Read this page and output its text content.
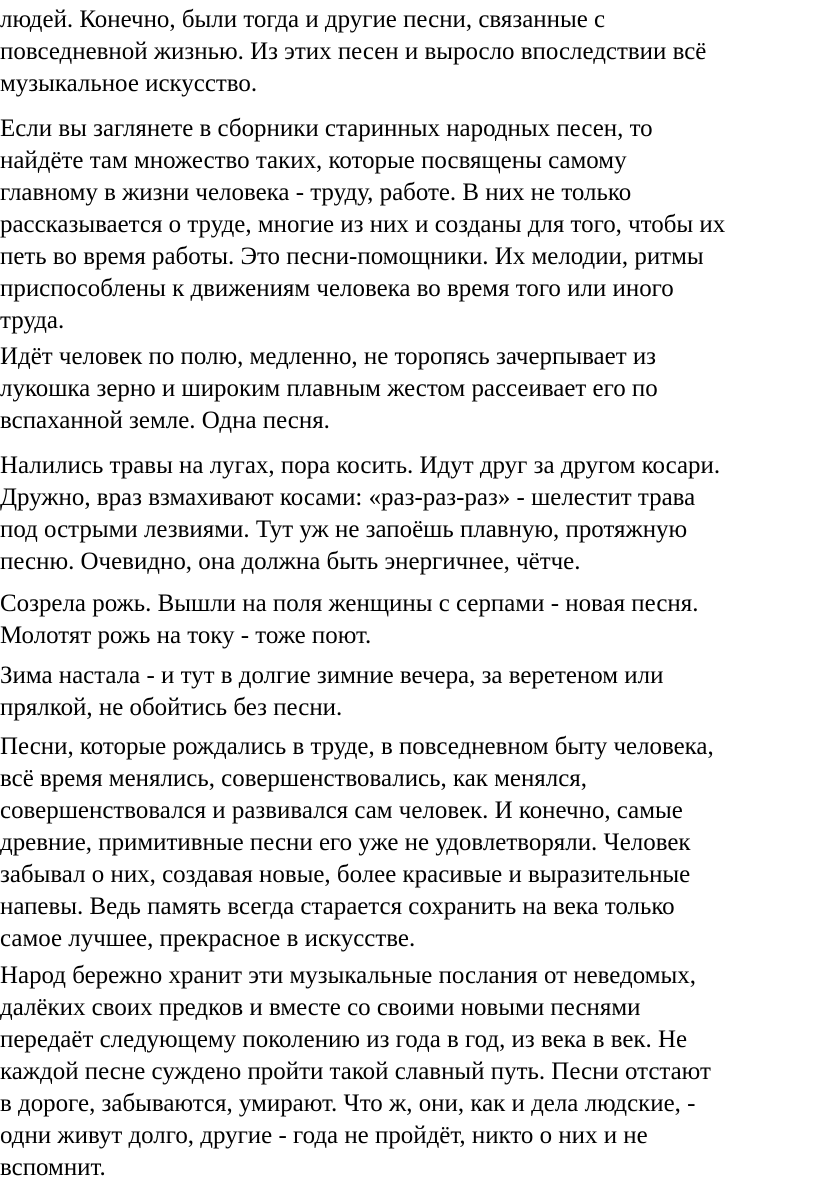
людей. Конечно, были тогда и другие песни, связанные с
повседневной жизнью. Из этих песен и выросло впоследствии всё
музыкальное искусство.
Если вы заглянете в сборники старинных народных песен, то
найдёте там множество таких, которые посвящены самому
главному в жизни человека - труду, работе. В них не только
рассказывается о труде, многие из них и созданы для того, чтобы их
петь во время работы. Это песни-помощники. Их мелодии, ритмы
приспособлены к движениям человека во время того или иного
труда.
Идёт человек по полю, медленно, не торопясь зачерпывает из
лукошка зерно и широким плавным жестом рассеивает его по
вспаханной земле. Одна песня.
Налились травы на лугах, пора косить. Идут друг за другом косари.
Дружно, враз взмахивают косами: «раз-раз-раз» - шелестит трава
под острыми лезвиями. Тут уж не запоёшь плавную, протяжную
песню. Очевидно, она должна быть энергичнее, чётче.
Созрела рожь. Вышли на поля женщины с серпами - новая песня.
Молотят рожь на току - тоже поют.
Зима настала - и тут в долгие зимние вечера, за веретеном или
прялкой, не обойтись без песни.
Песни, которые рождались в труде, в повседневном быту человека,
всё время менялись, совершенствовались, как менялся,
совершенствовался и развивался сам человек. И конечно, самые
древние, примитивные песни его уже не удовлетворяли. Человек
забывал о них, создавая новые, более красивые и выразительные
напевы. Ведь память всегда старается сохранить на века только
самое лучшее, прекрасное в искусстве.
Народ бережно хранит эти музыкальные послания от неведомых,
далёких своих предков и вместе со своими новыми песнями
передаёт следующему поколению из года в год, из века в век. Не
каждой песне суждено пройти такой славный путь. Песни отстают
в дороге, забываются, умирают. Что ж, они, как и дела людские, -
одни живут долго, другие - года не пройдёт, никто о них и не
вспомнит.
